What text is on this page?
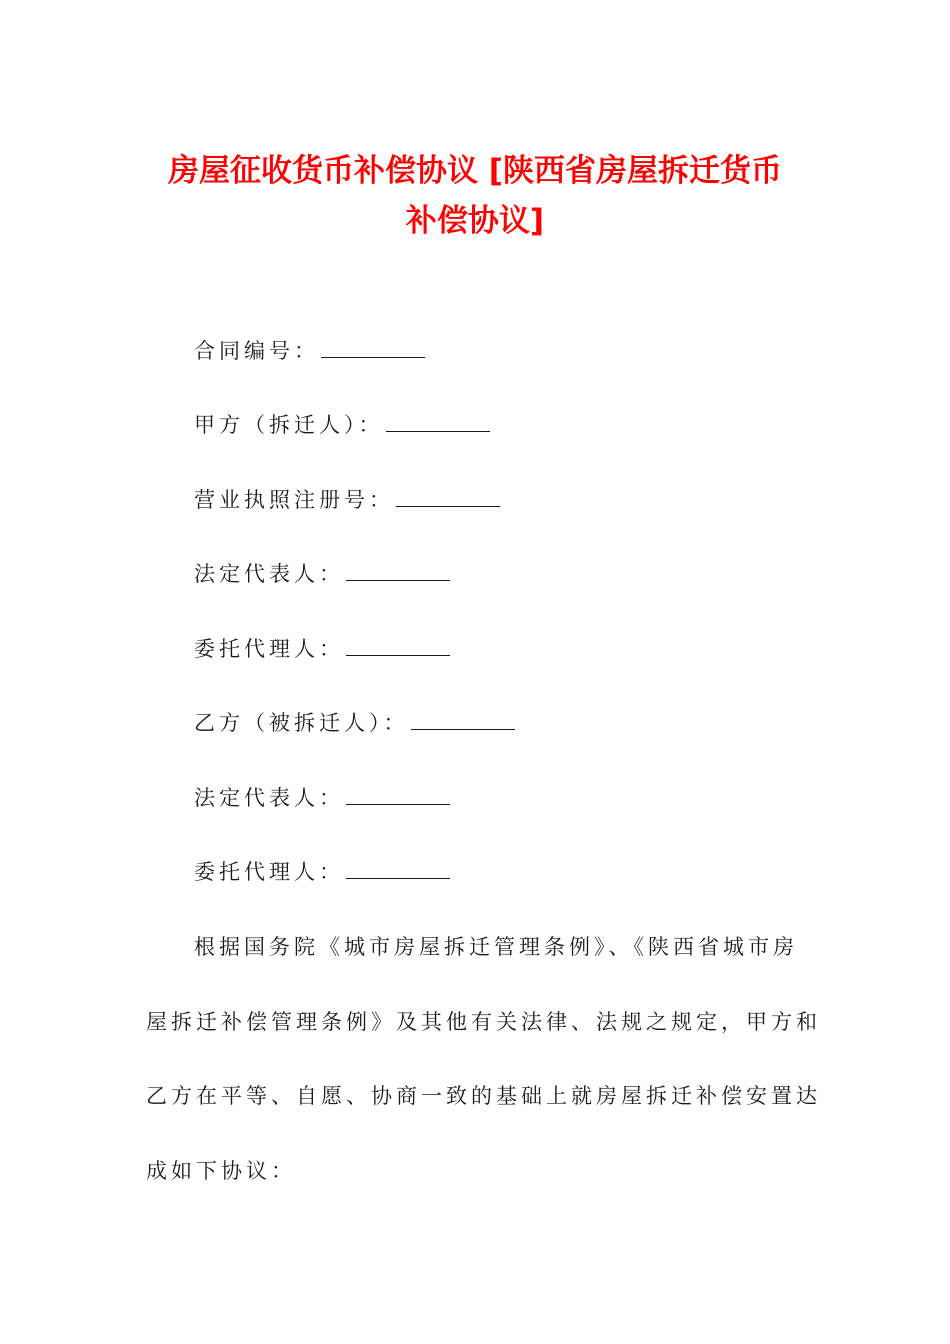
房屋征收货币补偿协议 [陕西省房屋拆迁货币
补偿协议]
合同编号：
甲方（拆迁人）：
营业执照注册号：
法定代表人：
委托代理人：
乙方（被拆迁人）：
法定代表人：
委托代理人：
根据国务院《城市房屋拆迁管理条例》、《陕西省城市房
屋拆迁补偿管理条例》及其他有关法律、法规之规定，甲方和
乙方在平等、自愿、协商一致的基础上就房屋拆迁补偿安置达
成如下协议：
